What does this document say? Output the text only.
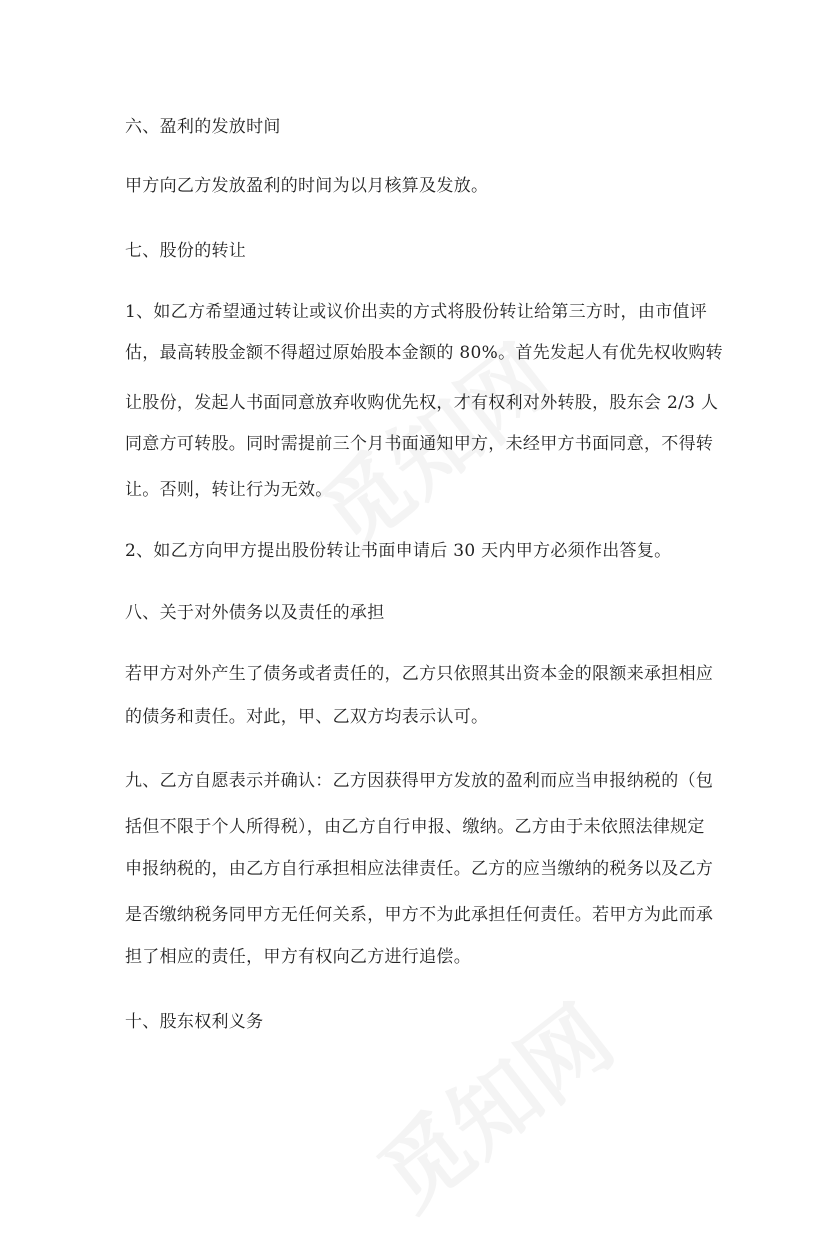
六、盈利的发放时间
甲方向乙方发放盈利的时间为以月核算及发放。
七、股份的转让
1、如乙方希望通过转让或议价出卖的方式将股份转让给第三方时，由市值评
估，最高转股金额不得超过原始股本金额的 80%。首先发起人有优先权收购转
让股份，发起人书面同意放弃收购优先权，才有权利对外转股，股东会 2/3 人
同意方可转股。同时需提前三个月书面通知甲方，未经甲方书面同意，不得转
让。否则，转让行为无效。
2、如乙方向甲方提出股份转让书面申请后 30 天内甲方必须作出答复。
八、关于对外债务以及责任的承担
若甲方对外产生了债务或者责任的，乙方只依照其出资本金的限额来承担相应
的债务和责任。对此，甲、乙双方均表示认可。
九、乙方自愿表示并确认：乙方因获得甲方发放的盈利而应当申报纳税的（包
括但不限于个人所得税），由乙方自行申报、缴纳。乙方由于未依照法律规定
申报纳税的，由乙方自行承担相应法律责任。乙方的应当缴纳的税务以及乙方
是否缴纳税务同甲方无任何关系，甲方不为此承担任何责任。若甲方为此而承
担了相应的责任，甲方有权向乙方进行追偿。
十、股东权利义务
